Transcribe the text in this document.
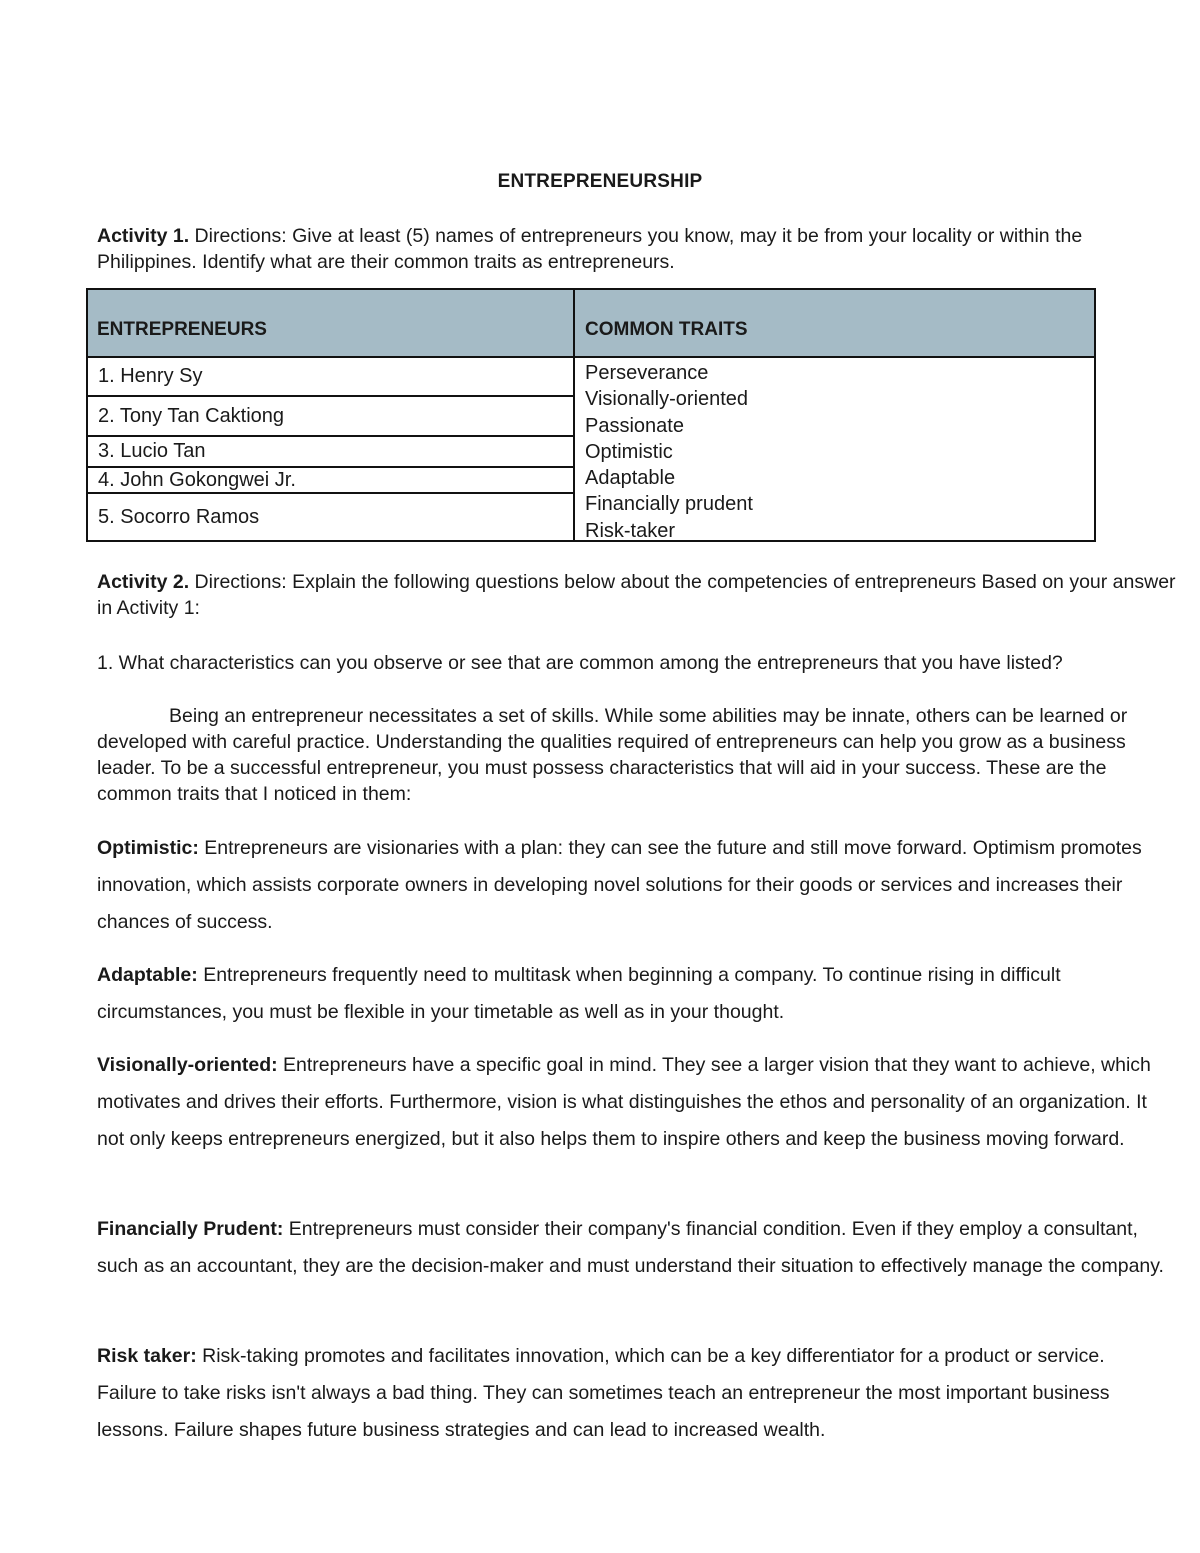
ENTREPRENEURSHIP
Activity 1. Directions: Give at least (5) names of entrepreneurs you know, may it be from your locality or within the Philippines. Identify what are their common traits as entrepreneurs.
ENTREPRENEURS	COMMON TRAITS
1. Henry Sy
2. Tony Tan Caktiong
3. Lucio Tan
4. John Gokongwei Jr.
5. Socorro Ramos
Perseverance
Visionally-oriented
Passionate
Optimistic
Adaptable
Financially prudent
Risk-taker
Activity 2. Directions: Explain the following questions below about the competencies of entrepreneurs Based on your answer in Activity 1:
1. What characteristics can you observe or see that are common among the entrepreneurs that you have listed?
Being an entrepreneur necessitates a set of skills. While some abilities may be innate, others can be learned or developed with careful practice. Understanding the qualities required of entrepreneurs can help you grow as a business leader. To be a successful entrepreneur, you must possess characteristics that will aid in your success. These are the common traits that I noticed in them:
Optimistic: Entrepreneurs are visionaries with a plan: they can see the future and still move forward. Optimism promotes innovation, which assists corporate owners in developing novel solutions for their goods or services and increases their chances of success.
Adaptable: Entrepreneurs frequently need to multitask when beginning a company. To continue rising in difficult circumstances, you must be flexible in your timetable as well as in your thought.
Visionally-oriented: Entrepreneurs have a specific goal in mind. They see a larger vision that they want to achieve, which motivates and drives their efforts. Furthermore, vision is what distinguishes the ethos and personality of an organization. It not only keeps entrepreneurs energized, but it also helps them to inspire others and keep the business moving forward.
Financially Prudent: Entrepreneurs must consider their company's financial condition. Even if they employ a consultant, such as an accountant, they are the decision-maker and must understand their situation to effectively manage the company.
Risk taker: Risk-taking promotes and facilitates innovation, which can be a key differentiator for a product or service. Failure to take risks isn't always a bad thing. They can sometimes teach an entrepreneur the most important business lessons. Failure shapes future business strategies and can lead to increased wealth.
